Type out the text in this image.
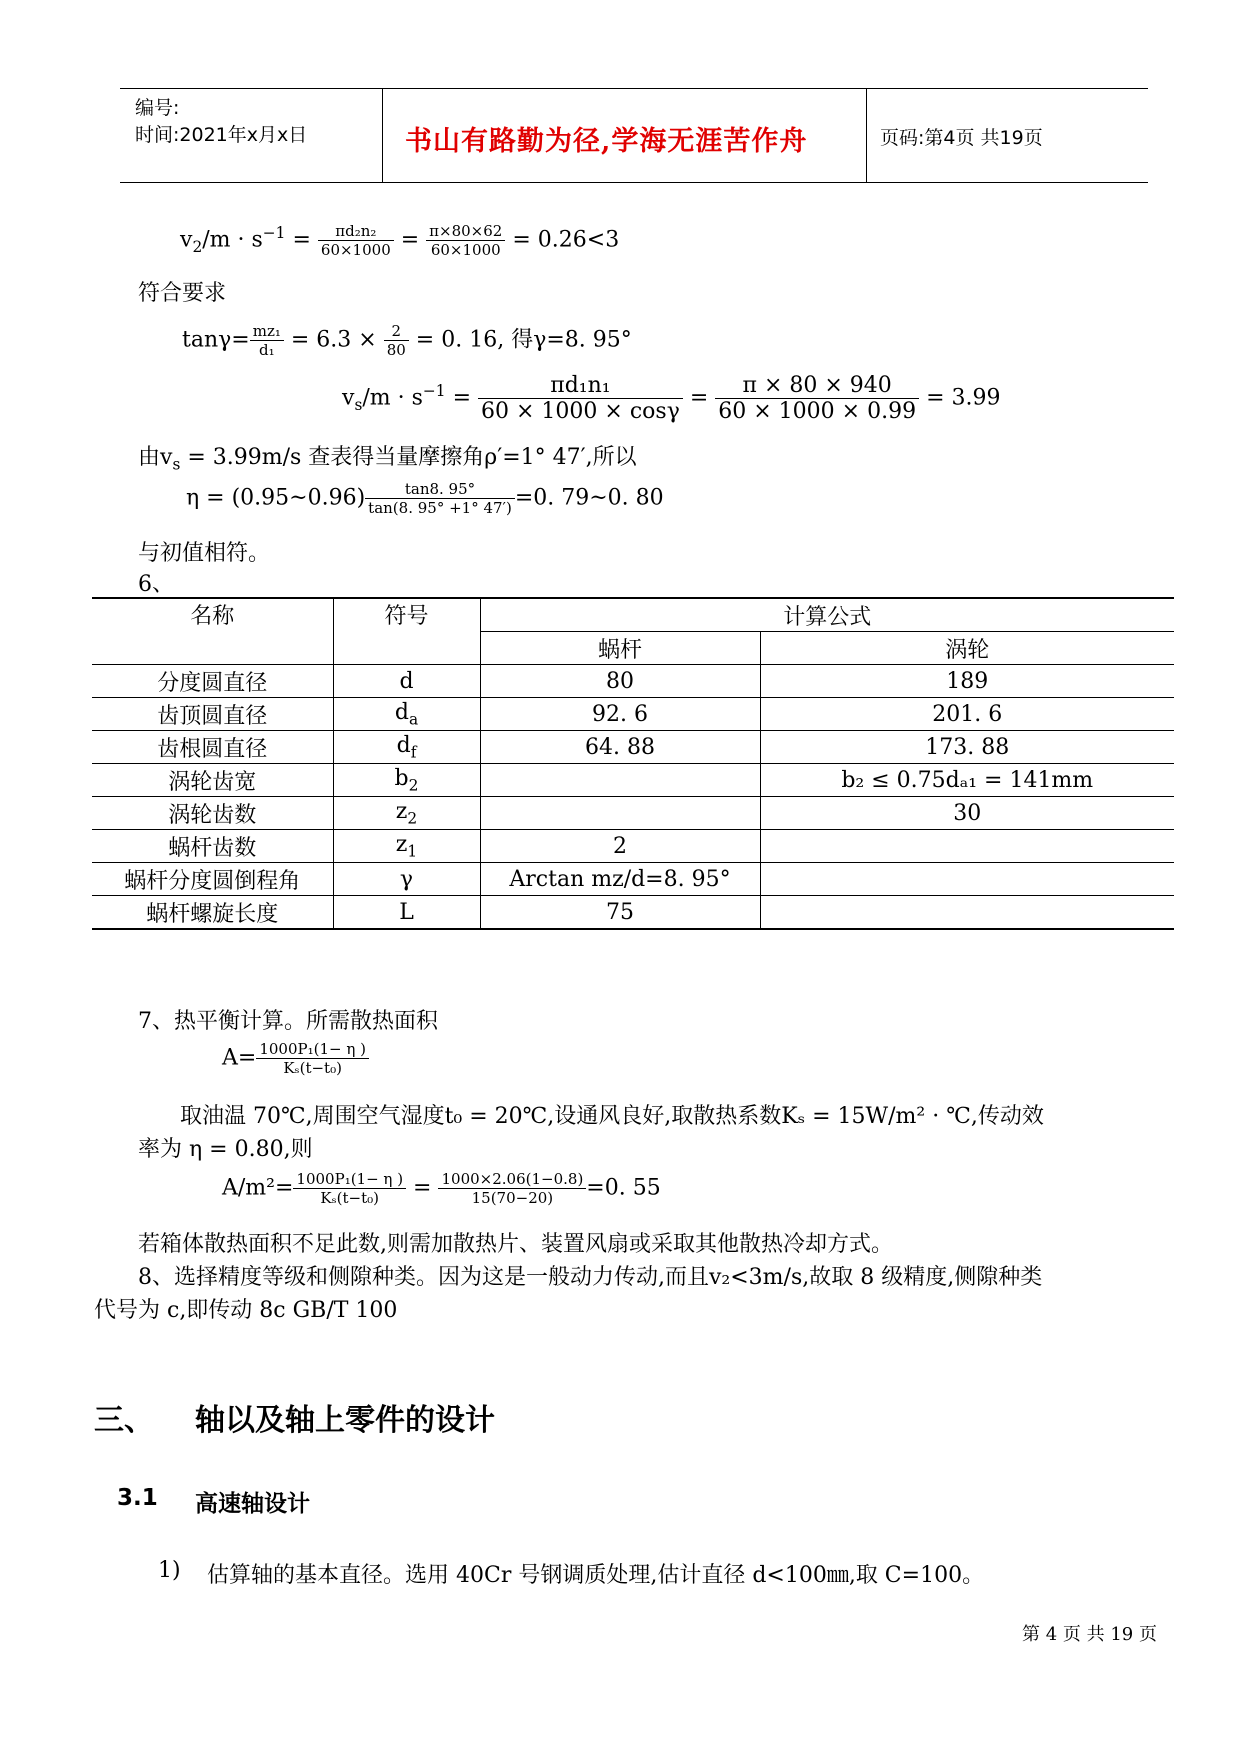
编号:
时间:2021年x月x日	书山有路勤为径,学海无涯苦作舟	页码:第4页 共19页
$v_2/m \cdot s^{-1} = \frac{\text{πd₂n₂}}{60\times 1000} = \frac{\pi\times 80\times 62}{60\times 1000} = 0.26<3$
符合要求
$\tan\gamma= \frac{\text{mz₁}}{\text{d₁}} = 6.3 \times \frac{2}{80} = 0$. 16, 得γ=8. 95°
$v_s/m \cdot s^{-1} = \frac{\text{πd₁n₁}}{60 \times 1000 \times \cos\gamma} = \frac{\pi \times 80 \times 940}{60 \times 1000 \times 0.99} = 3.99$
由$v_s = 3.99m/s$ 查表得当量摩擦角ρ′=1° 47′,所以
η = (0.95~0.96) $\frac{\tan 8. 95^\circ}{\tan(8. 95^\circ +1^\circ 47')} =0$. 79~0. 80
与初值相符。
6、
名称	符号	计算公式	
		蜗杆	涡轮
分度圆直径	d	80	189
齿顶圆直径	$d_a$	92. 6	201. 6
齿根圆直径	$d_f$	64. 88	173. 88
涡轮齿宽	$b_2$		b₂ ≤ 0.75dₐ₁ = 141mm
涡轮齿数	$z_2$		30
蜗杆齿数	$z_1$	2	
蜗杆分度圆倒程角	γ	Arctan mz/d=8. 95°	
蜗杆螺旋长度	L	75	
7、热平衡计算。所需散热面积
$A= \frac{\text{1000P₁(1− η )}}{\text{Kₛ(t−t₀)}}$
取油温 70℃,周围空气湿度t₀ = 20℃,设通风良好,取散热系数Kₛ = 15W/m² · ℃,传动效
率为 η = 0.80,则
$A/m^2= \frac{\text{1000P₁(1− η )}}{\text{Kₛ(t−t₀)}} = \frac{1000\times 2.06(1-0.8)}{15(70-20)} =0$. 55
若箱体散热面积不足此数,则需加散热片、装置风扇或采取其他散热冷却方式。
8、选择精度等级和侧隙种类。因为这是一般动力传动,而且v₂<3m/s,故取 8 级精度,侧隙种类
代号为 c,即传动 8c GB/T 100
三、 轴以及轴上零件的设计
3.1 高速轴设计
1) 估算轴的基本直径。选用 40Cr 号钢调质处理,估计直径 d<100㎜,取 C=100。
第 4 页 共 19 页
